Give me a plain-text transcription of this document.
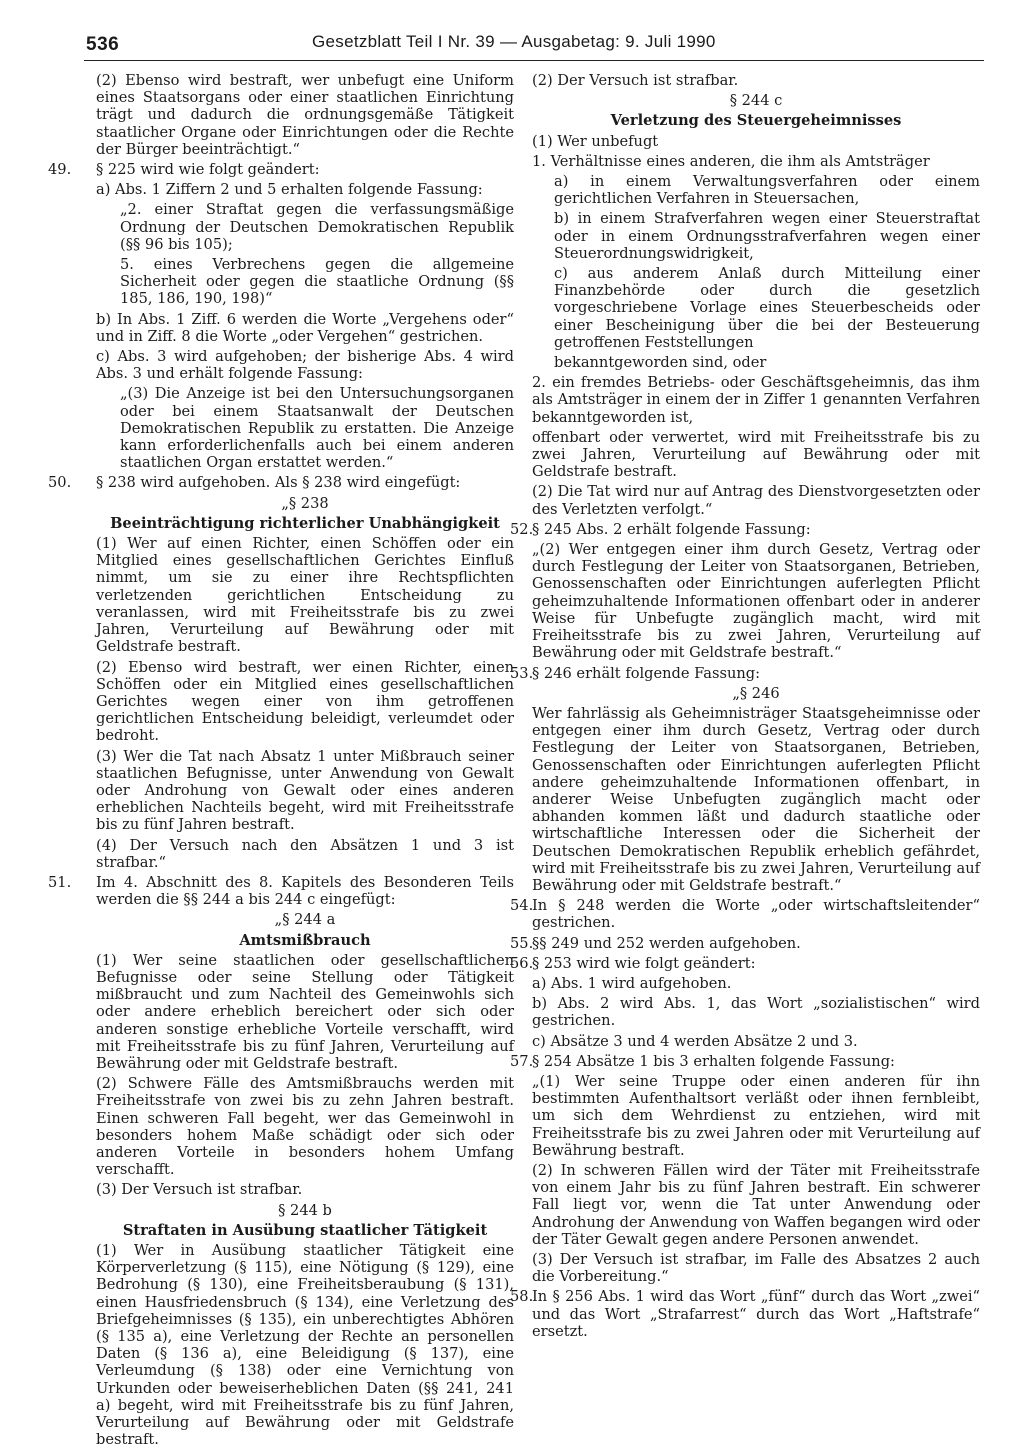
536	Gesetzblatt Teil I Nr. 39 — Ausgabetag: 9. Juli 1990

(2) Ebenso wird bestraft, wer unbefugt eine Uniform eines Staatsorgans oder einer staatlichen Einrichtung trägt und dadurch die ordnungsgemäße Tätigkeit staatlicher Organe oder Einrichtungen oder die Rechte der Bürger beeinträchtigt.“

49. § 225 wird wie folgt geändert:

a) Abs. 1 Ziffern 2 und 5 erhalten folgende Fassung:

„2. einer Straftat gegen die verfassungsmäßige Ordnung der Deutschen Demokratischen Republik (§§ 96 bis 105);

5. eines Verbrechens gegen die allgemeine Sicherheit oder gegen die staatliche Ordnung (§§ 185, 186, 190, 198)“

b) In Abs. 1 Ziff. 6 werden die Worte „Vergehens oder“ und in Ziff. 8 die Worte „oder Vergehen“ gestrichen.

c) Abs. 3 wird aufgehoben; der bisherige Abs. 4 wird Abs. 3 und erhält folgende Fassung:

„(3) Die Anzeige ist bei den Untersuchungsorganen oder bei einem Staatsanwalt der Deutschen Demokratischen Republik zu erstatten. Die Anzeige kann erforderlichenfalls auch bei einem anderen staatlichen Organ erstattet werden.“

50. § 238 wird aufgehoben. Als § 238 wird eingefügt:

„§ 238

Beeinträchtigung richterlicher Unabhängigkeit

(1) Wer auf einen Richter, einen Schöffen oder ein Mitglied eines gesellschaftlichen Gerichtes Einfluß nimmt, um sie zu einer ihre Rechtspflichten verletzenden gerichtlichen Entscheidung zu veranlassen, wird mit Freiheitsstrafe bis zu zwei Jahren, Verurteilung auf Bewährung oder mit Geldstrafe bestraft.

(2) Ebenso wird bestraft, wer einen Richter, einen Schöffen oder ein Mitglied eines gesellschaftlichen Gerichtes wegen einer von ihm getroffenen gerichtlichen Entscheidung beleidigt, verleumdet oder bedroht.

(3) Wer die Tat nach Absatz 1 unter Mißbrauch seiner staatlichen Befugnisse, unter Anwendung von Gewalt oder Androhung von Gewalt oder eines anderen erheblichen Nachteils begeht, wird mit Freiheitsstrafe bis zu fünf Jahren bestraft.

(4) Der Versuch nach den Absätzen 1 und 3 ist strafbar.“

51. Im 4. Abschnitt des 8. Kapitels des Besonderen Teils werden die §§ 244 a bis 244 c eingefügt:

„§ 244 a

Amtsmißbrauch

(1) Wer seine staatlichen oder gesellschaftlichen Befugnisse oder seine Stellung oder Tätigkeit mißbraucht und zum Nachteil des Gemeinwohls sich oder andere erheblich bereichert oder sich oder anderen sonstige erhebliche Vorteile verschafft, wird mit Freiheitsstrafe bis zu fünf Jahren, Verurteilung auf Bewährung oder mit Geldstrafe bestraft.

(2) Schwere Fälle des Amtsmißbrauchs werden mit Freiheitsstrafe von zwei bis zu zehn Jahren bestraft. Einen schweren Fall begeht, wer das Gemeinwohl in besonders hohem Maße schädigt oder sich oder anderen Vorteile in besonders hohem Umfang verschafft.

(3) Der Versuch ist strafbar.

§ 244 b

Straftaten in Ausübung staatlicher Tätigkeit

(1) Wer in Ausübung staatlicher Tätigkeit eine Körperverletzung (§ 115), eine Nötigung (§ 129), eine Bedrohung (§ 130), eine Freiheitsberaubung (§ 131), einen Hausfriedensbruch (§ 134), eine Verletzung des Briefgeheimnisses (§ 135), ein unberechtigtes Abhören (§ 135 a), eine Verletzung der Rechte an personellen Daten (§ 136 a), eine Beleidigung (§ 137), eine Verleumdung (§ 138) oder eine Vernichtung von Urkunden oder beweiserheblichen Daten (§§ 241, 241 a) begeht, wird mit Freiheitsstrafe bis zu fünf Jahren, Verurteilung auf Bewährung oder mit Geldstrafe bestraft.

(2) Der Versuch ist strafbar.

§ 244 c

Verletzung des Steuergeheimnisses

(1) Wer unbefugt

1. Verhältnisse eines anderen, die ihm als Amtsträger

a) in einem Verwaltungsverfahren oder einem gerichtlichen Verfahren in Steuersachen,

b) in einem Strafverfahren wegen einer Steuerstraftat oder in einem Ordnungsstrafverfahren wegen einer Steuerordnungswidrigkeit,

c) aus anderem Anlaß durch Mitteilung einer Finanzbehörde oder durch die gesetzlich vorgeschriebene Vorlage eines Steuerbescheids oder einer Bescheinigung über die bei der Besteuerung getroffenen Feststellungen

bekanntgeworden sind, oder

2. ein fremdes Betriebs- oder Geschäftsgeheimnis, das ihm als Amtsträger in einem der in Ziffer 1 genannten Verfahren bekanntgeworden ist,

offenbart oder verwertet, wird mit Freiheitsstrafe bis zu zwei Jahren, Verurteilung auf Bewährung oder mit Geldstrafe bestraft.

(2) Die Tat wird nur auf Antrag des Dienstvorgesetzten oder des Verletzten verfolgt.“

52.
§ 245 Abs. 2 erhält folgende Fassung:

„(2) Wer entgegen einer ihm durch Gesetz, Vertrag oder durch Festlegung der Leiter von Staatsorganen, Betrieben, Genossenschaften oder Einrichtungen auferlegten Pflicht geheimzuhaltende Informationen offenbart oder in anderer Weise für Unbefugte zugänglich macht, wird mit Freiheitsstrafe bis zu zwei Jahren, Verurteilung auf Bewährung oder mit Geldstrafe bestraft.“

53.
§ 246 erhält folgende Fassung:

„§ 246

Wer fahrlässig als Geheimnisträger Staatsgeheimnisse oder entgegen einer ihm durch Gesetz, Vertrag oder durch Festlegung der Leiter von Staatsorganen, Betrieben, Genossenschaften oder Einrichtungen auferlegten Pflicht andere geheimzuhaltende Informationen offenbart, in anderer Weise Unbefugten zugänglich macht oder abhanden kommen läßt und dadurch staatliche oder wirtschaftliche Interessen oder die Sicherheit der Deutschen Demokratischen Republik erheblich gefährdet, wird mit Freiheitsstrafe bis zu zwei Jahren, Verurteilung auf Bewährung oder mit Geldstrafe bestraft.“

54.
In § 248 werden die Worte „oder wirtschaftsleitender“ gestrichen.

55.
§§ 249 und 252 werden aufgehoben.

56.
§ 253 wird wie folgt geändert:

a) Abs. 1 wird aufgehoben.

b) Abs. 2 wird Abs. 1, das Wort „sozialistischen“ wird gestrichen.

c) Absätze 3 und 4 werden Absätze 2 und 3.

57.
§ 254 Absätze 1 bis 3 erhalten folgende Fassung:

„(1) Wer seine Truppe oder einen anderen für ihn bestimmten Aufenthaltsort verläßt oder ihnen fernbleibt, um sich dem Wehrdienst zu entziehen, wird mit Freiheitsstrafe bis zu zwei Jahren oder mit Verurteilung auf Bewährung bestraft.

(2) In schweren Fällen wird der Täter mit Freiheitsstrafe von einem Jahr bis zu fünf Jahren bestraft. Ein schwerer Fall liegt vor, wenn die Tat unter Anwendung oder Androhung der Anwendung von Waffen begangen wird oder der Täter Gewalt gegen andere Personen anwendet.

(3) Der Versuch ist strafbar, im Falle des Absatzes 2 auch die Vorbereitung.“

58.
In § 256 Abs. 1 wird das Wort „fünf“ durch das Wort „zwei“ und das Wort „Strafarrest“ durch das Wort „Haftstrafe“ ersetzt.
